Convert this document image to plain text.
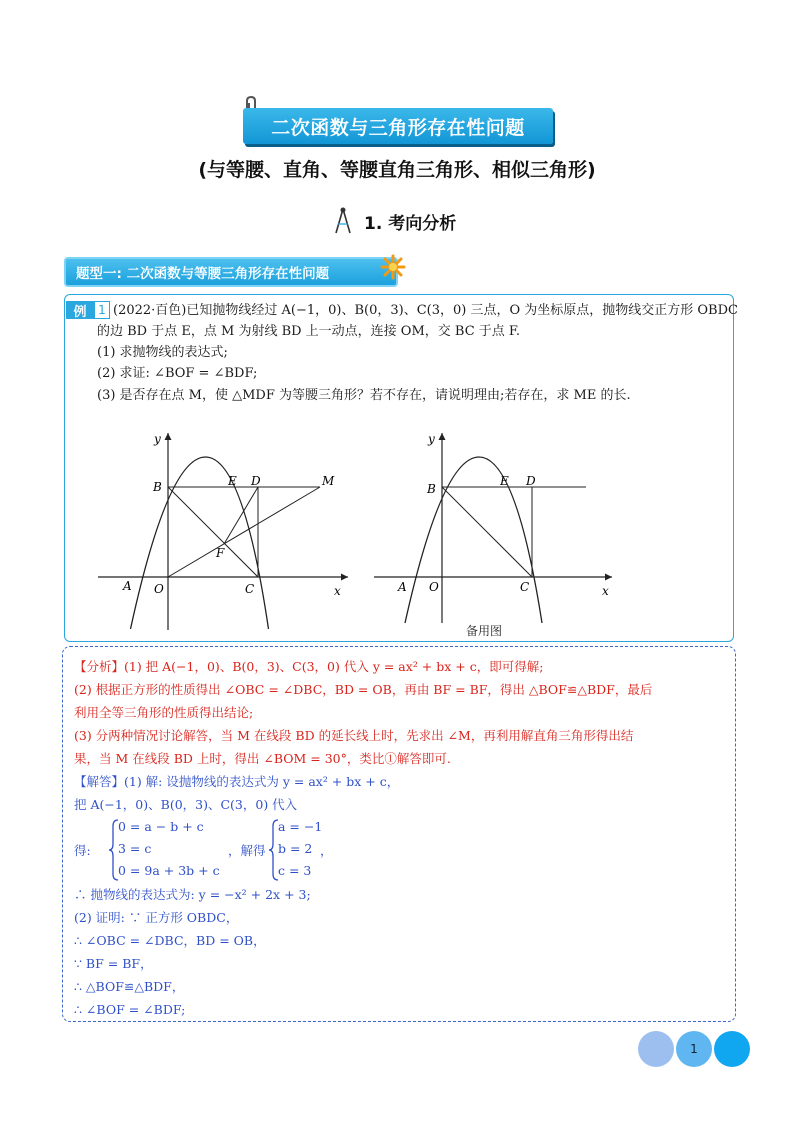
二次函数与三角形存在性问题
(与等腰、直角、等腰直角三角形、相似三角形)
1. 考向分析
题型一: 二次函数与等腰三角形存在性问题
例 1 (2022·百色)已知抛物线经过 A(−1，0)、B(0，3)、C(3，0) 三点，O 为坐标原点，抛物线交正方形 OBDC
的边 BD 于点 E，点 M 为射线 BD 上一动点，连接 OM，交 BC 于点 F.
(1) 求抛物线的表达式;
(2) 求证: ∠BOF = ∠BDF;
(3) 是否存在点 M，使 △MDF 为等腰三角形？若不存在，请说明理由;若存在，求 ME 的长.
y
x
B	E D	M
F
A O	C
y
x
B
E D
A O	C
备用图
【分析】(1) 把 A(−1，0)、B(0，3)、C(3，0) 代入 y = ax² + bx + c，即可得解;
(2) 根据正方形的性质得出 ∠OBC = ∠DBC，BD = OB，再由 BF = BF，得出 △BOF≌△BDF，最后
利用全等三角形的性质得出结论;
(3) 分两种情况讨论解答，当 M 在线段 BD 的延长线上时，先求出 ∠M，再利用解直角三角形得出结
果，当 M 在线段 BD 上时，得出 ∠BOM = 30°，类比①解答即可.
【解答】(1) 解: 设抛物线的表达式为 y = ax² + bx + c，
把 A(−1，0)、B(0，3)、C(3，0) 代入
得:
0 = a − b + c
3 = c
0 = 9a + 3b + c
，解得
a = −1
b = 2
c = 3
，
∴ 抛物线的表达式为: y = −x² + 2x + 3;
(2) 证明: ∵ 正方形 OBDC，
∴ ∠OBC = ∠DBC，BD = OB，
∵ BF = BF，
∴ △BOF≌△BDF，
∴ ∠BOF = ∠BDF;
1
